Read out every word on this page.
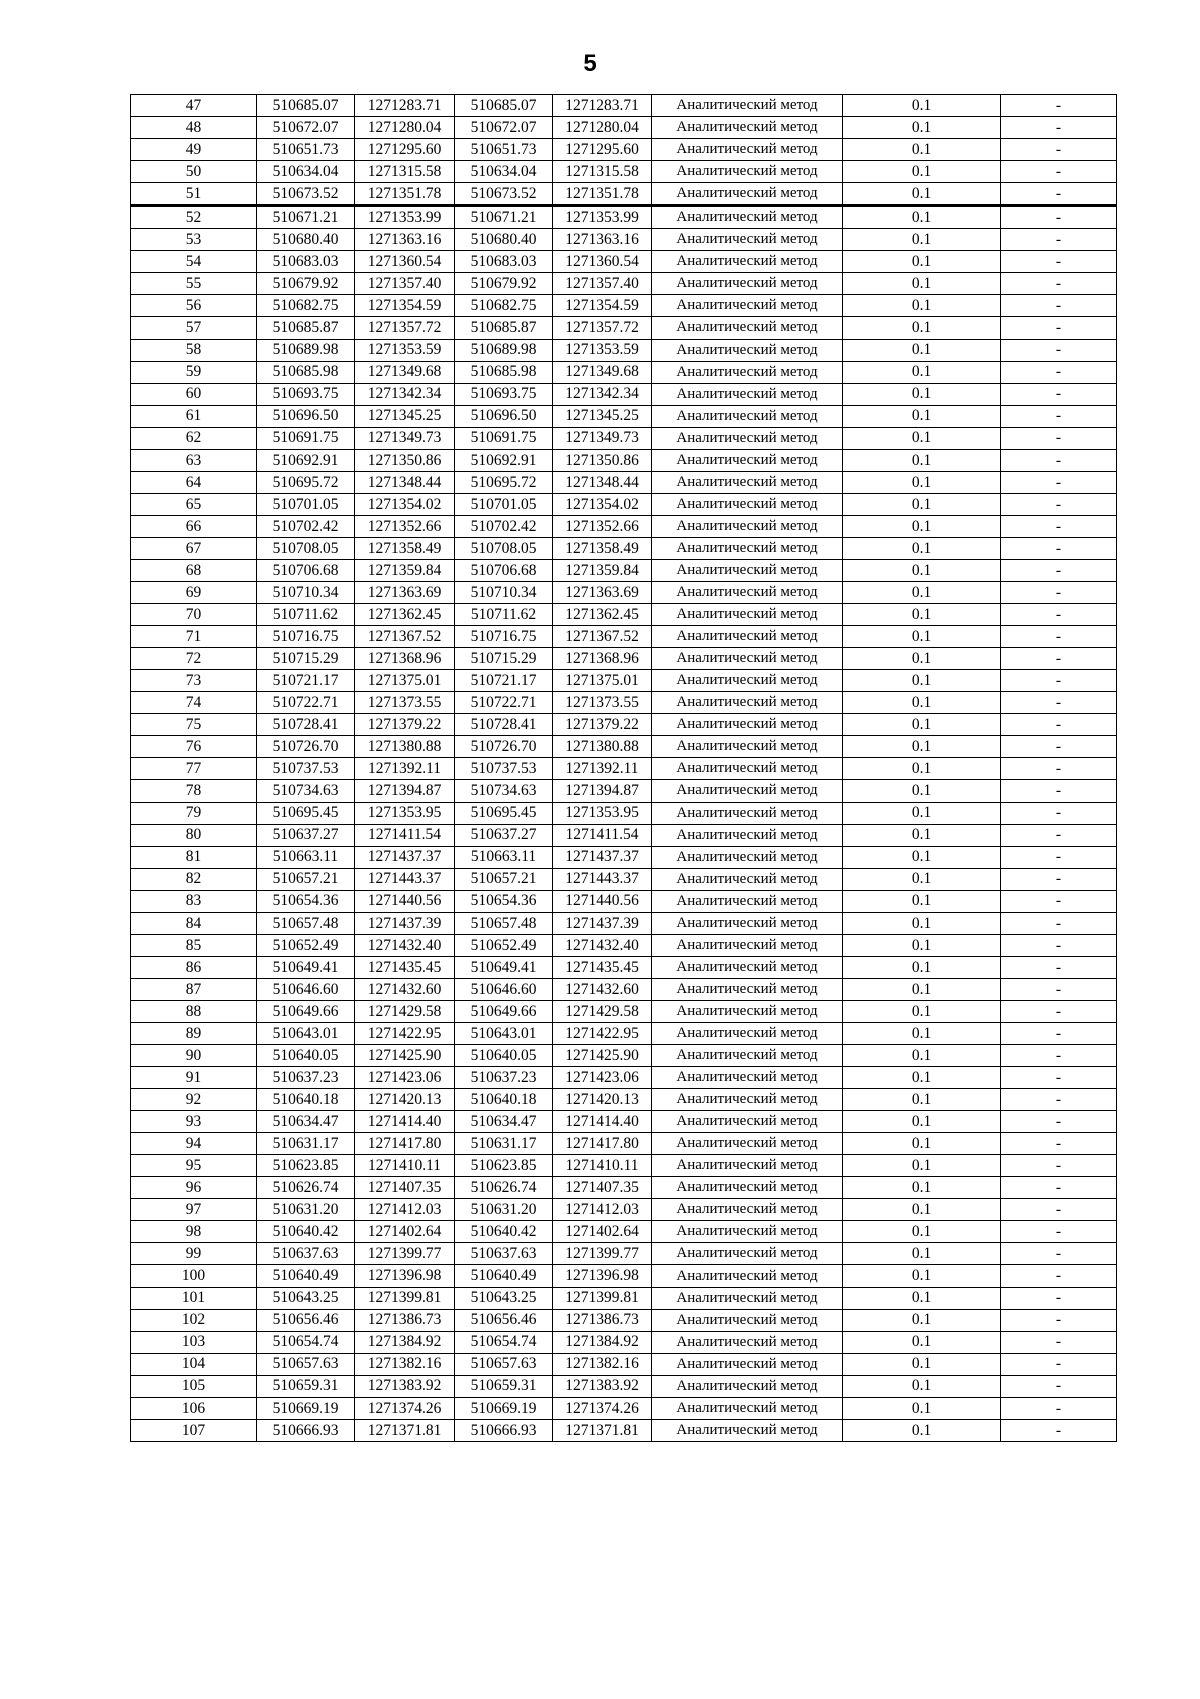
5
47	510685.07	1271283.71	510685.07	1271283.71	Аналитический метод	0.1	-
48	510672.07	1271280.04	510672.07	1271280.04	Аналитический метод	0.1	-
49	510651.73	1271295.60	510651.73	1271295.60	Аналитический метод	0.1	-
50	510634.04	1271315.58	510634.04	1271315.58	Аналитический метод	0.1	-
51	510673.52	1271351.78	510673.52	1271351.78	Аналитический метод	0.1	-
52	510671.21	1271353.99	510671.21	1271353.99	Аналитический метод	0.1	-
53	510680.40	1271363.16	510680.40	1271363.16	Аналитический метод	0.1	-
54	510683.03	1271360.54	510683.03	1271360.54	Аналитический метод	0.1	-
55	510679.92	1271357.40	510679.92	1271357.40	Аналитический метод	0.1	-
56	510682.75	1271354.59	510682.75	1271354.59	Аналитический метод	0.1	-
57	510685.87	1271357.72	510685.87	1271357.72	Аналитический метод	0.1	-
58	510689.98	1271353.59	510689.98	1271353.59	Аналитический метод	0.1	-
59	510685.98	1271349.68	510685.98	1271349.68	Аналитический метод	0.1	-
60	510693.75	1271342.34	510693.75	1271342.34	Аналитический метод	0.1	-
61	510696.50	1271345.25	510696.50	1271345.25	Аналитический метод	0.1	-
62	510691.75	1271349.73	510691.75	1271349.73	Аналитический метод	0.1	-
63	510692.91	1271350.86	510692.91	1271350.86	Аналитический метод	0.1	-
64	510695.72	1271348.44	510695.72	1271348.44	Аналитический метод	0.1	-
65	510701.05	1271354.02	510701.05	1271354.02	Аналитический метод	0.1	-
66	510702.42	1271352.66	510702.42	1271352.66	Аналитический метод	0.1	-
67	510708.05	1271358.49	510708.05	1271358.49	Аналитический метод	0.1	-
68	510706.68	1271359.84	510706.68	1271359.84	Аналитический метод	0.1	-
69	510710.34	1271363.69	510710.34	1271363.69	Аналитический метод	0.1	-
70	510711.62	1271362.45	510711.62	1271362.45	Аналитический метод	0.1	-
71	510716.75	1271367.52	510716.75	1271367.52	Аналитический метод	0.1	-
72	510715.29	1271368.96	510715.29	1271368.96	Аналитический метод	0.1	-
73	510721.17	1271375.01	510721.17	1271375.01	Аналитический метод	0.1	-
74	510722.71	1271373.55	510722.71	1271373.55	Аналитический метод	0.1	-
75	510728.41	1271379.22	510728.41	1271379.22	Аналитический метод	0.1	-
76	510726.70	1271380.88	510726.70	1271380.88	Аналитический метод	0.1	-
77	510737.53	1271392.11	510737.53	1271392.11	Аналитический метод	0.1	-
78	510734.63	1271394.87	510734.63	1271394.87	Аналитический метод	0.1	-
79	510695.45	1271353.95	510695.45	1271353.95	Аналитический метод	0.1	-
80	510637.27	1271411.54	510637.27	1271411.54	Аналитический метод	0.1	-
81	510663.11	1271437.37	510663.11	1271437.37	Аналитический метод	0.1	-
82	510657.21	1271443.37	510657.21	1271443.37	Аналитический метод	0.1	-
83	510654.36	1271440.56	510654.36	1271440.56	Аналитический метод	0.1	-
84	510657.48	1271437.39	510657.48	1271437.39	Аналитический метод	0.1	-
85	510652.49	1271432.40	510652.49	1271432.40	Аналитический метод	0.1	-
86	510649.41	1271435.45	510649.41	1271435.45	Аналитический метод	0.1	-
87	510646.60	1271432.60	510646.60	1271432.60	Аналитический метод	0.1	-
88	510649.66	1271429.58	510649.66	1271429.58	Аналитический метод	0.1	-
89	510643.01	1271422.95	510643.01	1271422.95	Аналитический метод	0.1	-
90	510640.05	1271425.90	510640.05	1271425.90	Аналитический метод	0.1	-
91	510637.23	1271423.06	510637.23	1271423.06	Аналитический метод	0.1	-
92	510640.18	1271420.13	510640.18	1271420.13	Аналитический метод	0.1	-
93	510634.47	1271414.40	510634.47	1271414.40	Аналитический метод	0.1	-
94	510631.17	1271417.80	510631.17	1271417.80	Аналитический метод	0.1	-
95	510623.85	1271410.11	510623.85	1271410.11	Аналитический метод	0.1	-
96	510626.74	1271407.35	510626.74	1271407.35	Аналитический метод	0.1	-
97	510631.20	1271412.03	510631.20	1271412.03	Аналитический метод	0.1	-
98	510640.42	1271402.64	510640.42	1271402.64	Аналитический метод	0.1	-
99	510637.63	1271399.77	510637.63	1271399.77	Аналитический метод	0.1	-
100	510640.49	1271396.98	510640.49	1271396.98	Аналитический метод	0.1	-
101	510643.25	1271399.81	510643.25	1271399.81	Аналитический метод	0.1	-
102	510656.46	1271386.73	510656.46	1271386.73	Аналитический метод	0.1	-
103	510654.74	1271384.92	510654.74	1271384.92	Аналитический метод	0.1	-
104	510657.63	1271382.16	510657.63	1271382.16	Аналитический метод	0.1	-
105	510659.31	1271383.92	510659.31	1271383.92	Аналитический метод	0.1	-
106	510669.19	1271374.26	510669.19	1271374.26	Аналитический метод	0.1	-
107	510666.93	1271371.81	510666.93	1271371.81	Аналитический метод	0.1	-
